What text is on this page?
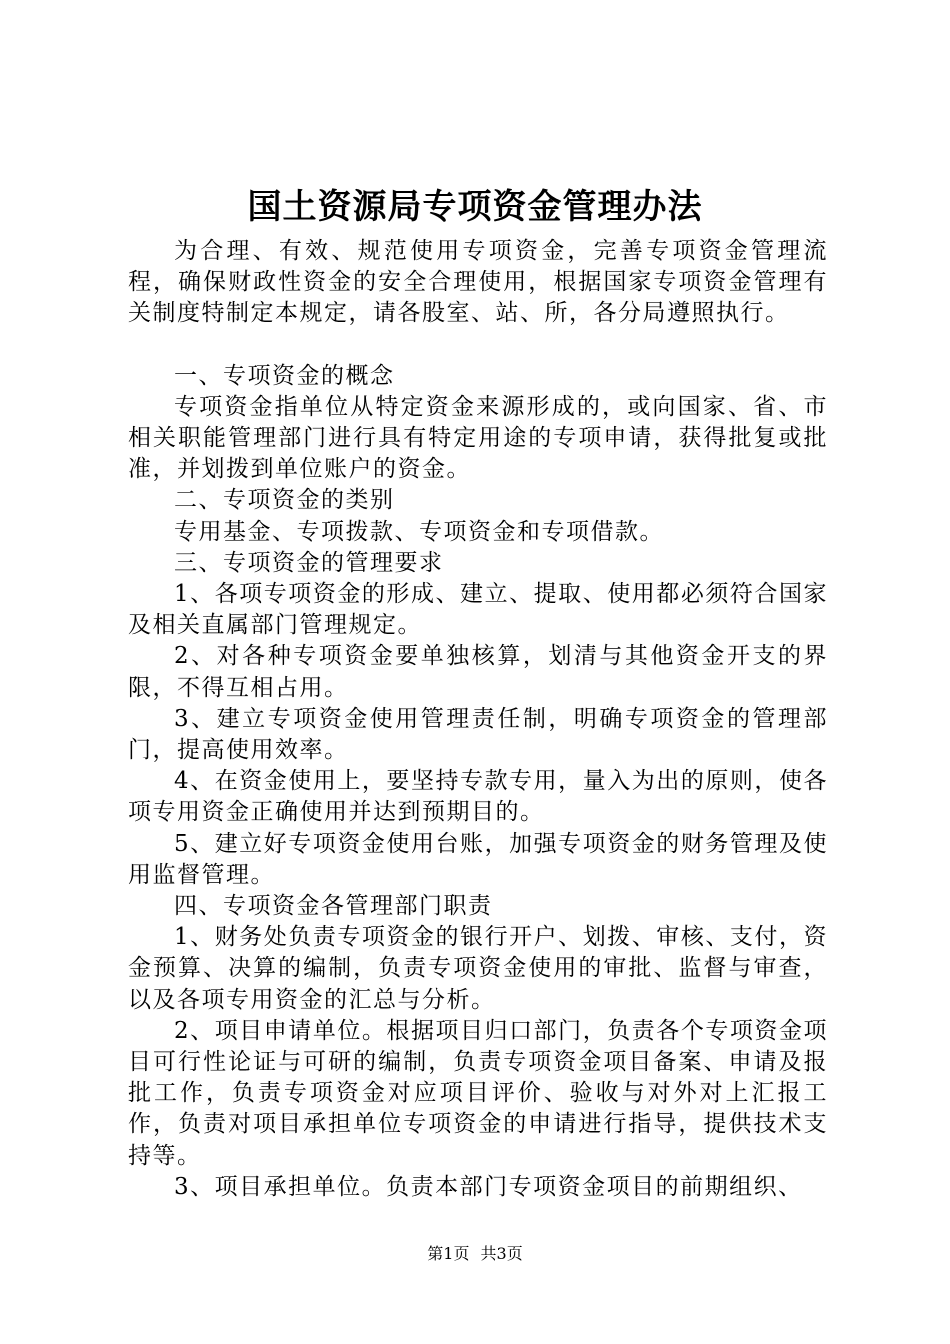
国土资源局专项资金管理办法

为合理、有效、规范使用专项资金，完善专项资金管理流程，确保财政性资金的安全合理使用，根据国家专项资金管理有关制度特制定本规定，请各股室、站、所，各分局遵照执行。

一、专项资金的概念

专项资金指单位从特定资金来源形成的，或向国家、省、市相关职能管理部门进行具有特定用途的专项申请，获得批复或批准，并划拨到单位账户的资金。

二、专项资金的类别

专用基金、专项拨款、专项资金和专项借款。

三、专项资金的管理要求

1、各项专项资金的形成、建立、提取、使用都必须符合国家及相关直属部门管理规定。

2、对各种专项资金要单独核算，划清与其他资金开支的界限，不得互相占用。

3、建立专项资金使用管理责任制，明确专项资金的管理部门，提高使用效率。

4、在资金使用上，要坚持专款专用，量入为出的原则，使各项专用资金正确使用并达到预期目的。

5、建立好专项资金使用台账，加强专项资金的财务管理及使用监督管理。

四、专项资金各管理部门职责

1、财务处负责专项资金的银行开户、划拨、审核、支付，资金预算、决算的编制，负责专项资金使用的审批、监督与审查，以及各项专用资金的汇总与分析。

2、项目申请单位。根据项目归口部门，负责各个专项资金项目可行性论证与可研的编制，负责专项资金项目备案、申请及报批工作，负责专项资金对应项目评价、验收与对外对上汇报工作，负责对项目承担单位专项资金的申请进行指导，提供技术支持等。

3、项目承担单位。负责本部门专项资金项目的前期组织、

第1页 共3页
